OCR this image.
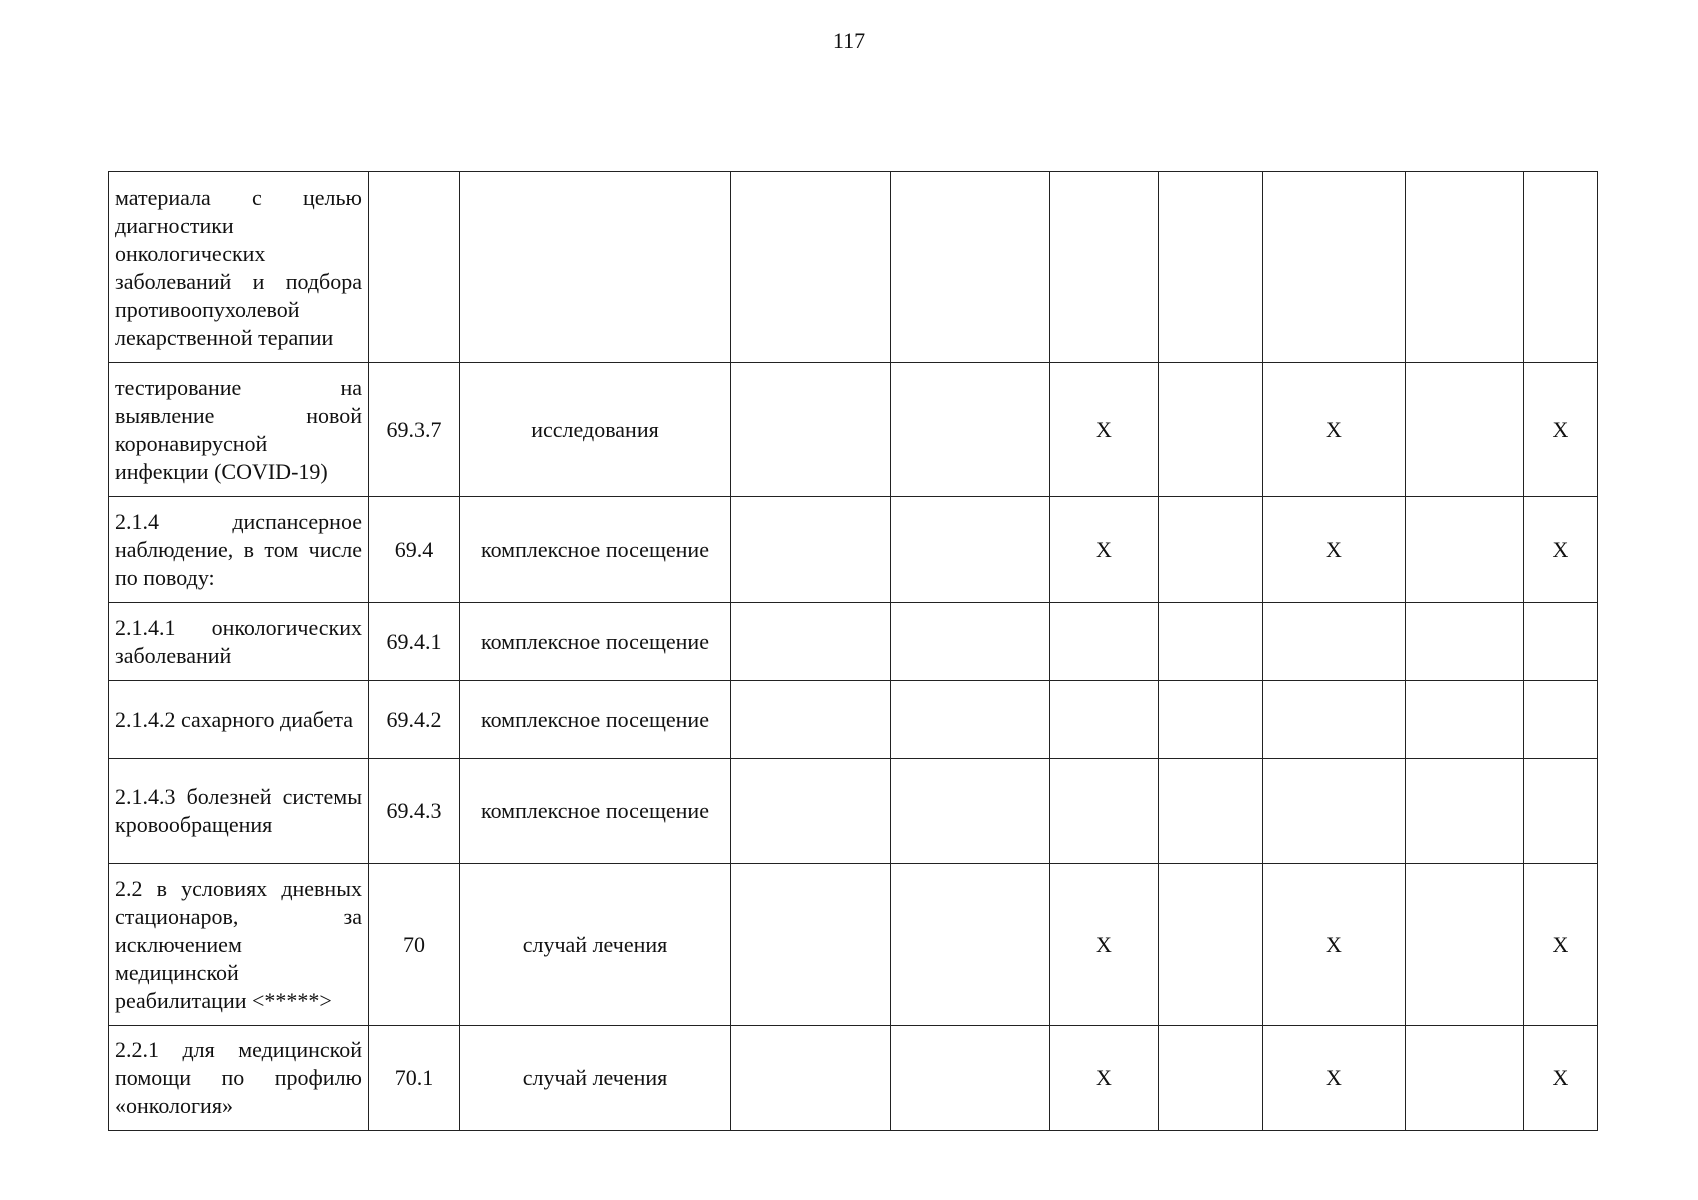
117
материала с целью диагностики онкологических заболеваний и подбора противоопухолевой лекарственной терапии									
тестирование на выявление новой коронавирусной инфекции (COVID-19)	69.3.7	исследования			X		X		X
2.1.4 диспансерное наблюдение, в том числе по поводу:	69.4	комплексное посещение			X		X		X
2.1.4.1 онкологических заболеваний	69.4.1	комплексное посещение							
2.1.4.2 сахарного диабета	69.4.2	комплексное посещение							
2.1.4.3 болезней системы кровообращения	69.4.3	комплексное посещение							
2.2 в условиях дневных стационаров, за исключением медицинской реабилитации <*****>	70	случай лечения			X		X		X
2.2.1 для медицинской помощи по профилю «онкология»	70.1	случай лечения			X		X		X
